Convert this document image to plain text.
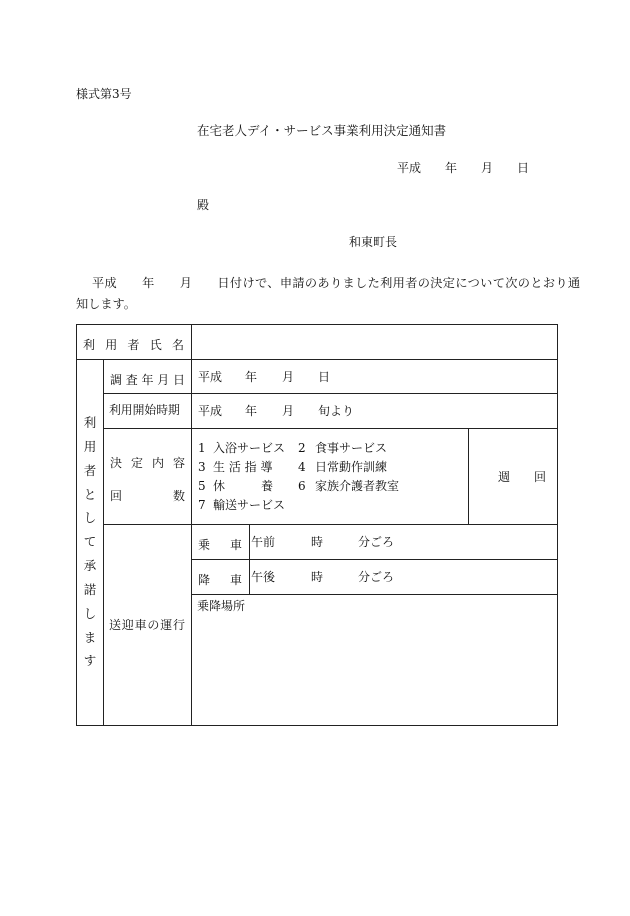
様式第3号
在宅老人デイ・サービス事業利用決定通知書
平成 年 月 日
殿
和東町長
平成　　年　　月　　日付けで、申請のありました利用者の決定について次のとおり通
知します。
利 用 者 氏 名
利
用
者
と
し
て
承
諾
し
ま
す
調 査 年 月 日 平成 年 月 日
利用開始時期 平成 年 月 旬より
決 定 内 容
回	数
1 入浴サービス 2 食事サービス
3 生 活 指 導 4 日常動作訓練
5 休　　　養 6 家族介護者教室
7 輸送サービス
週 回
送迎車の運行
乗 車 午前	時	分ごろ
降 車 午後	時	分ごろ
乗降場所
